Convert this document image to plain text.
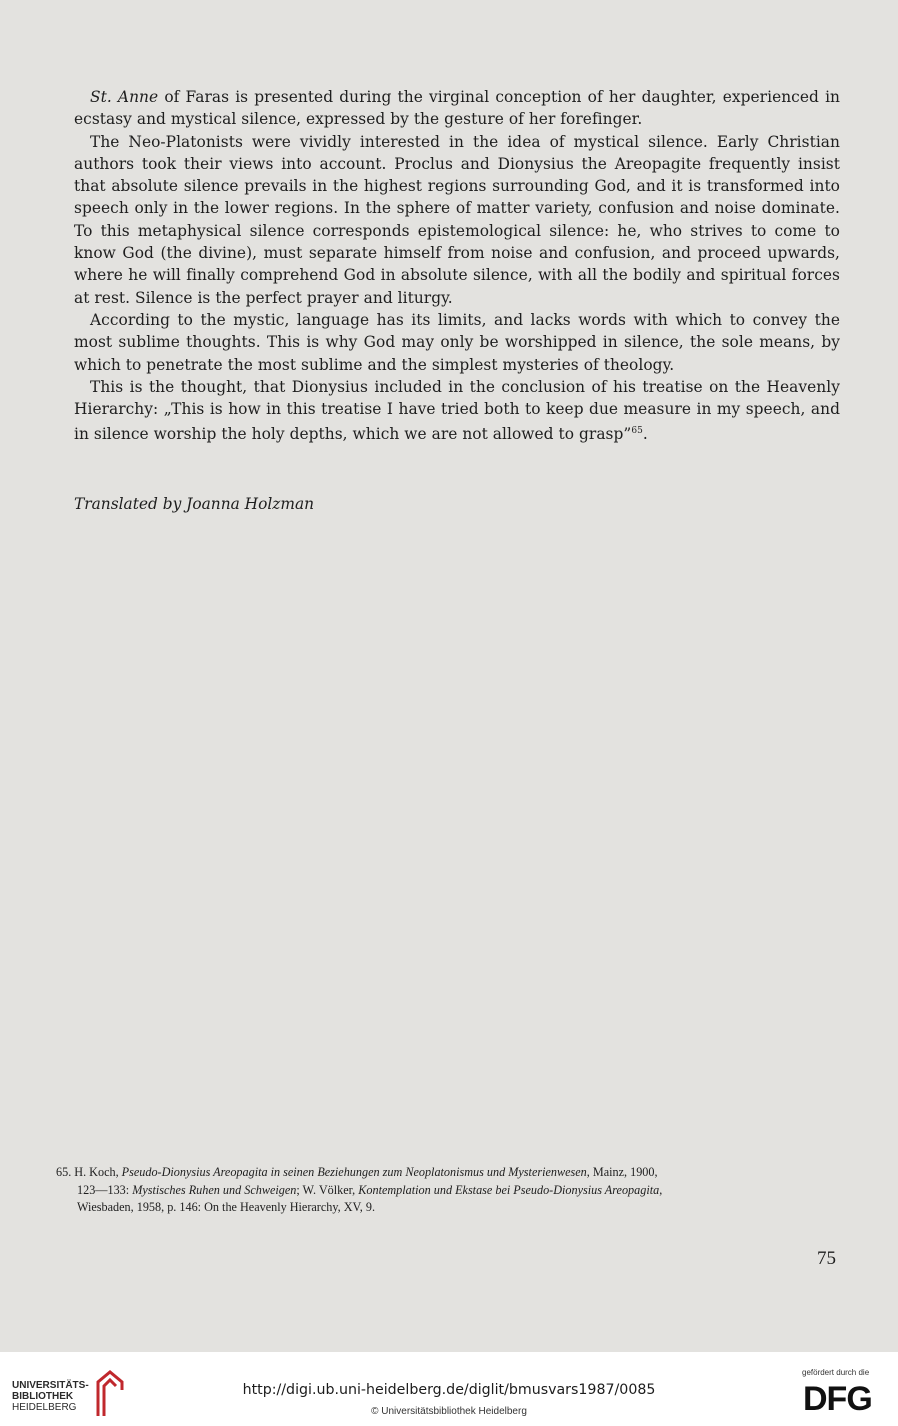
St. Anne of Faras is presented during the virginal conception of her daughter, experienced in ecstasy and mystical silence, expressed by the gesture of her forefinger.

The Neo-Platonists were vividly interested in the idea of mystical silence. Early Christian authors took their views into account. Proclus and Dionysius the Areopagite frequently insist that absolute silence prevails in the highest regions surrounding God, and it is transformed into speech only in the lower regions. In the sphere of matter variety, confusion and noise dominate. To this metaphysical silence corresponds epistemological silence: he, who strives to come to know God (the divine), must separate himself from noise and confusion, and proceed upwards, where he will finally comprehend God in absolute silence, with all the bodily and spiritual forces at rest. Silence is the perfect prayer and liturgy.

According to the mystic, language has its limits, and lacks words with which to convey the most sublime thoughts. This is why God may only be worshipped in silence, the sole means, by which to penetrate the most sublime and the simplest mysteries of theology.

This is the thought, that Dionysius included in the conclusion of his treatise on the Heavenly Hierarchy: „This is how in this treatise I have tried both to keep due measure in my speech, and in silence worship the holy depths, which we are not allowed to grasp”$^{65}$.

Translated by Joanna Holzman
65. H. Koch, Pseudo-Dionysius Areopagita in seinen Beziehungen zum Neoplatonismus und Mysterienwesen, Mainz, 1900,
123—133: Mystisches Ruhen und Schweigen; W. Völker, Kontemplation und Ekstase bei Pseudo-Dionysius Areopagita,
Wiesbaden, 1958, p. 146: On the Heavenly Hierarchy, XV, 9.
75
UNIVERSITÄTS-
BIBLIOTHEK
HEIDELBERG
http://digi.ub.uni-heidelberg.de/diglit/bmusvars1987/0085
© Universitätsbibliothek Heidelberg
gefördert durch die
DFG
